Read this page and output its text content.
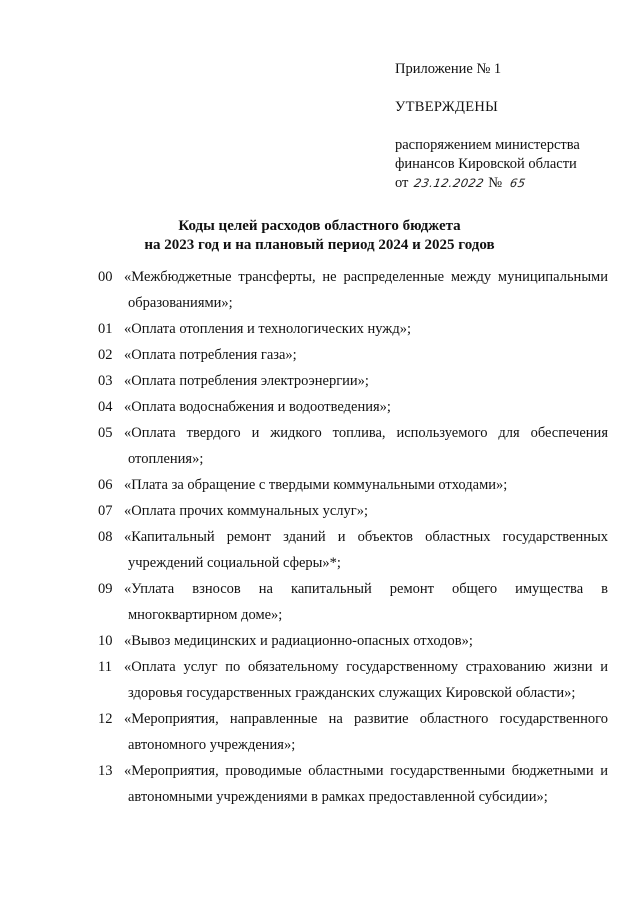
Приложение № 1
УТВЕРЖДЕНЫ
распоряжением министерства
финансов Кировской области
от 23.12.2022 № 65
Коды целей расходов областного бюджета
на 2023 год и на плановый период 2024 и 2025 годов
00 «Межбюджетные трансферты, не распределенные между муниципальными
образованиями»;
01 «Оплата отопления и технологических нужд»;
02 «Оплата потребления газа»;
03 «Оплата потребления электроэнергии»;
04 «Оплата водоснабжения и водоотведения»;
05 «Оплата твердого и жидкого топлива, используемого для обеспечения
отопления»;
06 «Плата за обращение с твердыми коммунальными отходами»;
07 «Оплата прочих коммунальных услуг»;
08 «Капитальный ремонт зданий и объектов областных государственных
учреждений социальной сферы»*;
09 «Уплата взносов на капитальный ремонт общего имущества в
многоквартирном доме»;
10 «Вывоз медицинских и радиационно-опасных отходов»;
11 «Оплата услуг по обязательному государственному страхованию жизни и
здоровья государственных гражданских служащих Кировской области»;
12 «Мероприятия, направленные на развитие областного государственного
автономного учреждения»;
13 «Мероприятия, проводимые областными государственными бюджетными и
автономными учреждениями в рамках предоставленной субсидии»;
